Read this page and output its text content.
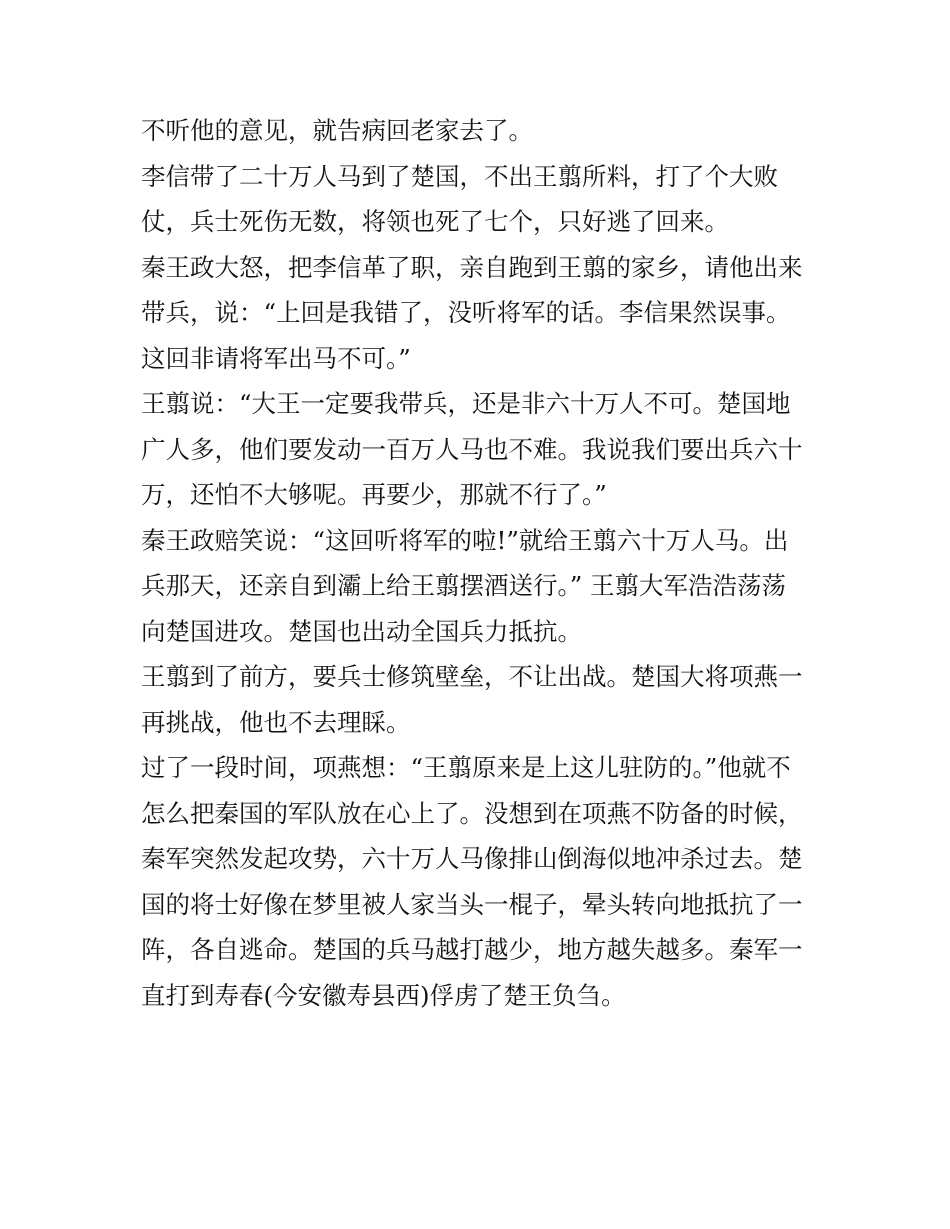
不听他的意见，就告病回老家去了。
李信带了二十万人马到了楚国，不出王翦所料，打了个大败
仗，兵士死伤无数，将领也死了七个，只好逃了回来。
秦王政大怒，把李信革了职，亲自跑到王翦的家乡，请他出来
带兵，说：“上回是我错了，没听将军的话。李信果然误事。
这回非请将军出马不可。”
王翦说：“大王一定要我带兵，还是非六十万人不可。楚国地
广人多，他们要发动一百万人马也不难。我说我们要出兵六十
万，还怕不大够呢。再要少，那就不行了。”
秦王政赔笑说：“这回听将军的啦!”就给王翦六十万人马。出
兵那天，还亲自到灞上给王翦摆酒送行。” 王翦大军浩浩荡荡
向楚国进攻。楚国也出动全国兵力抵抗。
王翦到了前方，要兵士修筑壁垒，不让出战。楚国大将项燕一
再挑战，他也不去理睬。
过了一段时间，项燕想：“王翦原来是上这儿驻防的。”他就不
怎么把秦国的军队放在心上了。没想到在项燕不防备的时候，
秦军突然发起攻势，六十万人马像排山倒海似地冲杀过去。楚
国的将士好像在梦里被人家当头一棍子，晕头转向地抵抗了一
阵，各自逃命。楚国的兵马越打越少，地方越失越多。秦军一
直打到寿春(今安徽寿县西)俘虏了楚王负刍。
